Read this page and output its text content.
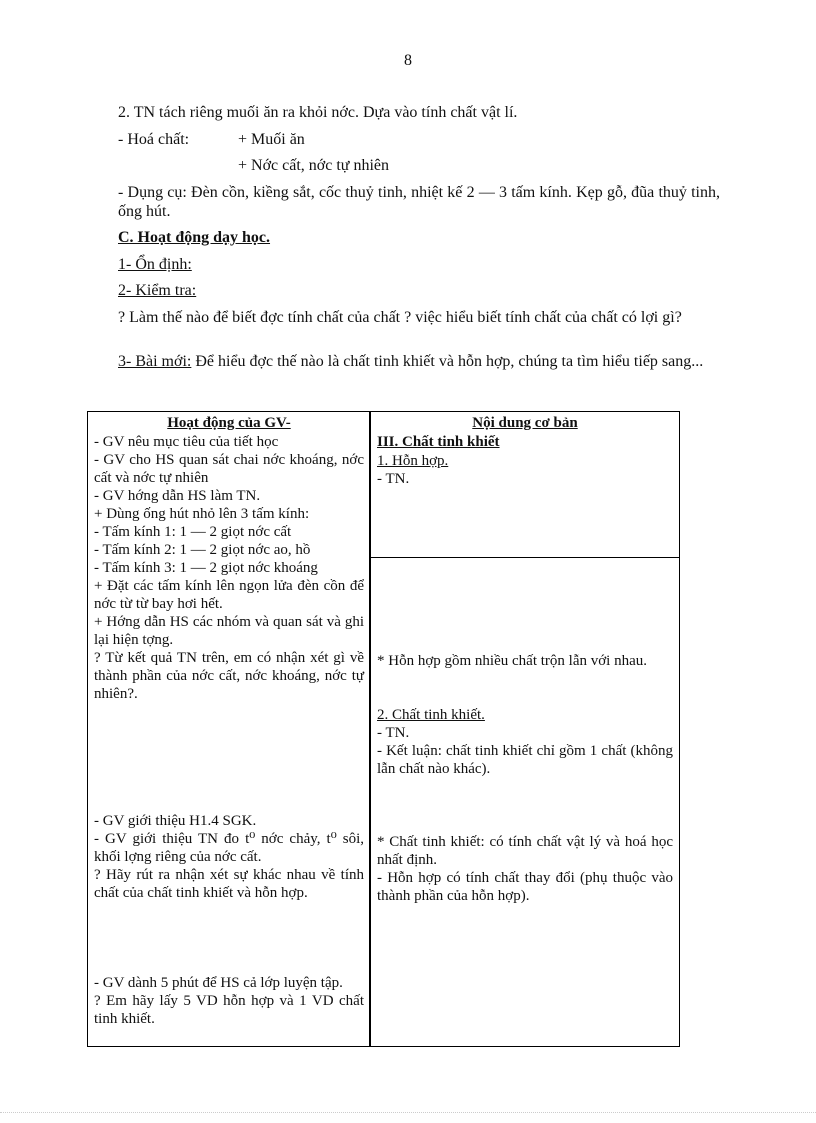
8
2. TN tách riêng muối ăn ra khỏi nớc. Dựa vào tính chất vật lí.
- Hoá chất:	+ Muối ăn
+ Nớc cất, nớc tự nhiên
- Dụng cụ: Đèn cồn, kiềng sắt, cốc thuỷ tinh, nhiệt kế 2 — 3 tấm kính. Kẹp gỗ, đũa thuỷ tinh, ống hút.
C. Hoạt động dạy học.
1- Ổn định:
2- Kiểm tra:
? Làm thế nào để biết đợc tính chất của chất ? việc hiểu biết tính chất của chất có lợi gì?
3- Bài mới: Để hiểu đợc thế nào là chất tinh khiết và hỗn hợp, chúng ta tìm hiểu tiếp sang...
Hoạt động của GV-
- GV nêu mục tiêu của tiết học
- GV cho HS quan sát chai nớc khoáng, nớc cất và nớc tự nhiên
- GV hớng dẫn HS làm TN.
+ Dùng ống hút nhỏ lên 3 tấm kính:
- Tấm kính 1: 1 — 2 giọt nớc cất
- Tấm kính 2: 1 — 2 giọt nớc ao, hồ
- Tấm kính 3: 1 — 2 giọt nớc khoáng
+ Đặt các tấm kính lên ngọn lửa đèn cồn để nớc từ từ bay hơi hết.
+ Hớng dẫn HS các nhóm và quan sát và ghi lại hiện tợng.
? Từ kết quả TN trên, em có nhận xét gì về thành phần của nớc cất, nớc khoáng, nớc tự nhiên?.
- GV giới thiệu H1.4 SGK.
- GV giới thiệu TN đo t⁰ nớc chảy, t⁰ sôi, khối lợng riêng của nớc cất.
? Hãy rút ra nhận xét sự khác nhau về tính chất của chất tinh khiết và hỗn hợp.
- GV dành 5 phút để HS cả lớp luyện tập.
? Em hãy lấy 5 VD hỗn hợp và 1 VD chất tinh khiết.
Nội dung cơ bản
III. Chất tinh khiết
1. Hỗn hợp.
- TN.
* Hỗn hợp gồm nhiều chất trộn lẫn với nhau.
2. Chất tinh khiết.
- TN.
- Kết luận: chất tinh khiết chỉ gồm 1 chất (không lẫn chất nào khác).
* Chất tinh khiết: có tính chất vật lý và hoá học nhất định.
- Hỗn hợp có tính chất thay đổi (phụ thuộc vào thành phần của hỗn hợp).
